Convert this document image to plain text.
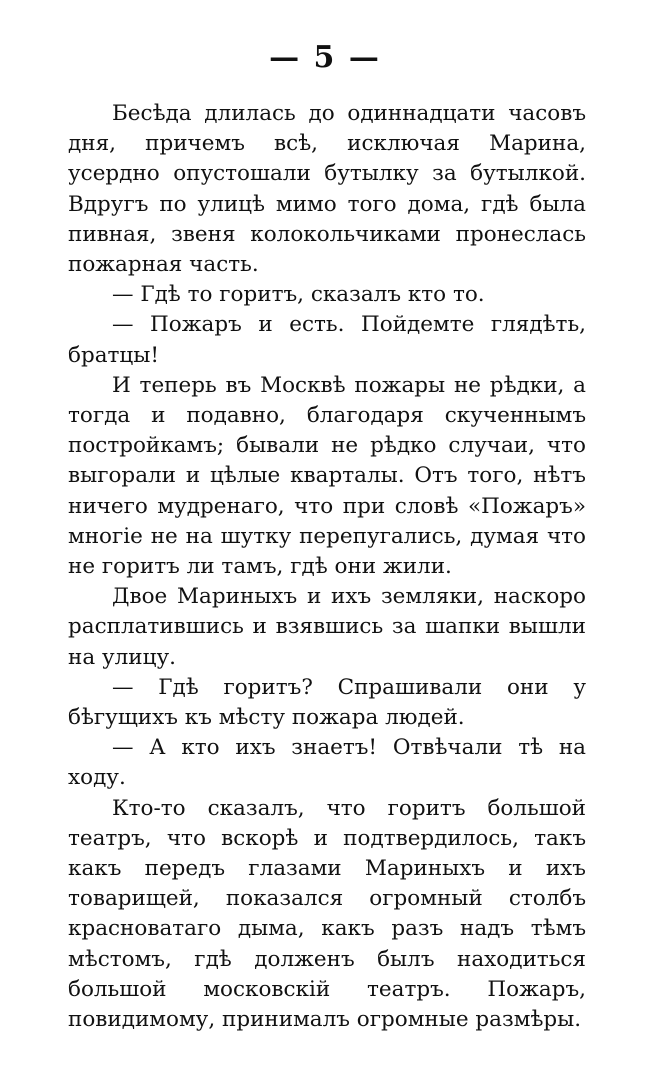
— 5 —

Бесѣда длилась до одиннадцати часовъ дня, причемъ всѣ, исключая Марина, усердно опустошали бутылку за бутылкой. Вдругъ по улицѣ мимо того дома, гдѣ была пивная, звеня колокольчиками пронеслась пожарная часть.

— Гдѣ то горитъ, сказалъ кто то.

— Пожаръ и есть. Пойдемте глядѣть, братцы!

И теперь въ Москвѣ пожары не рѣдки, а тогда и подавно, благодаря скученнымъ постройкамъ; бывали не рѣдко случаи, что выгорали и цѣлые кварталы. Отъ того, нѣтъ ничего мудренаго, что при словѣ «Пожаръ» многіе не на шутку перепугались, думая что не горитъ ли тамъ, гдѣ они жили.

Двое Мариныхъ и ихъ земляки, наскоро расплатившись и взявшись за шапки вышли на улицу.

— Гдѣ горитъ? Спрашивали они у бѣгущихъ къ мѣсту пожара людей.

— А кто ихъ знаетъ! Отвѣчали тѣ на ходу.

Кто-то сказалъ, что горитъ большой театръ, что вскорѣ и подтвердилось, такъ какъ передъ глазами Мариныхъ и ихъ товарищей, показался огромный столбъ красноватаго дыма, какъ разъ надъ тѣмъ мѣстомъ, гдѣ долженъ былъ находиться большой московскій театръ. Пожаръ, повидимому, принималъ огромные размѣры.
